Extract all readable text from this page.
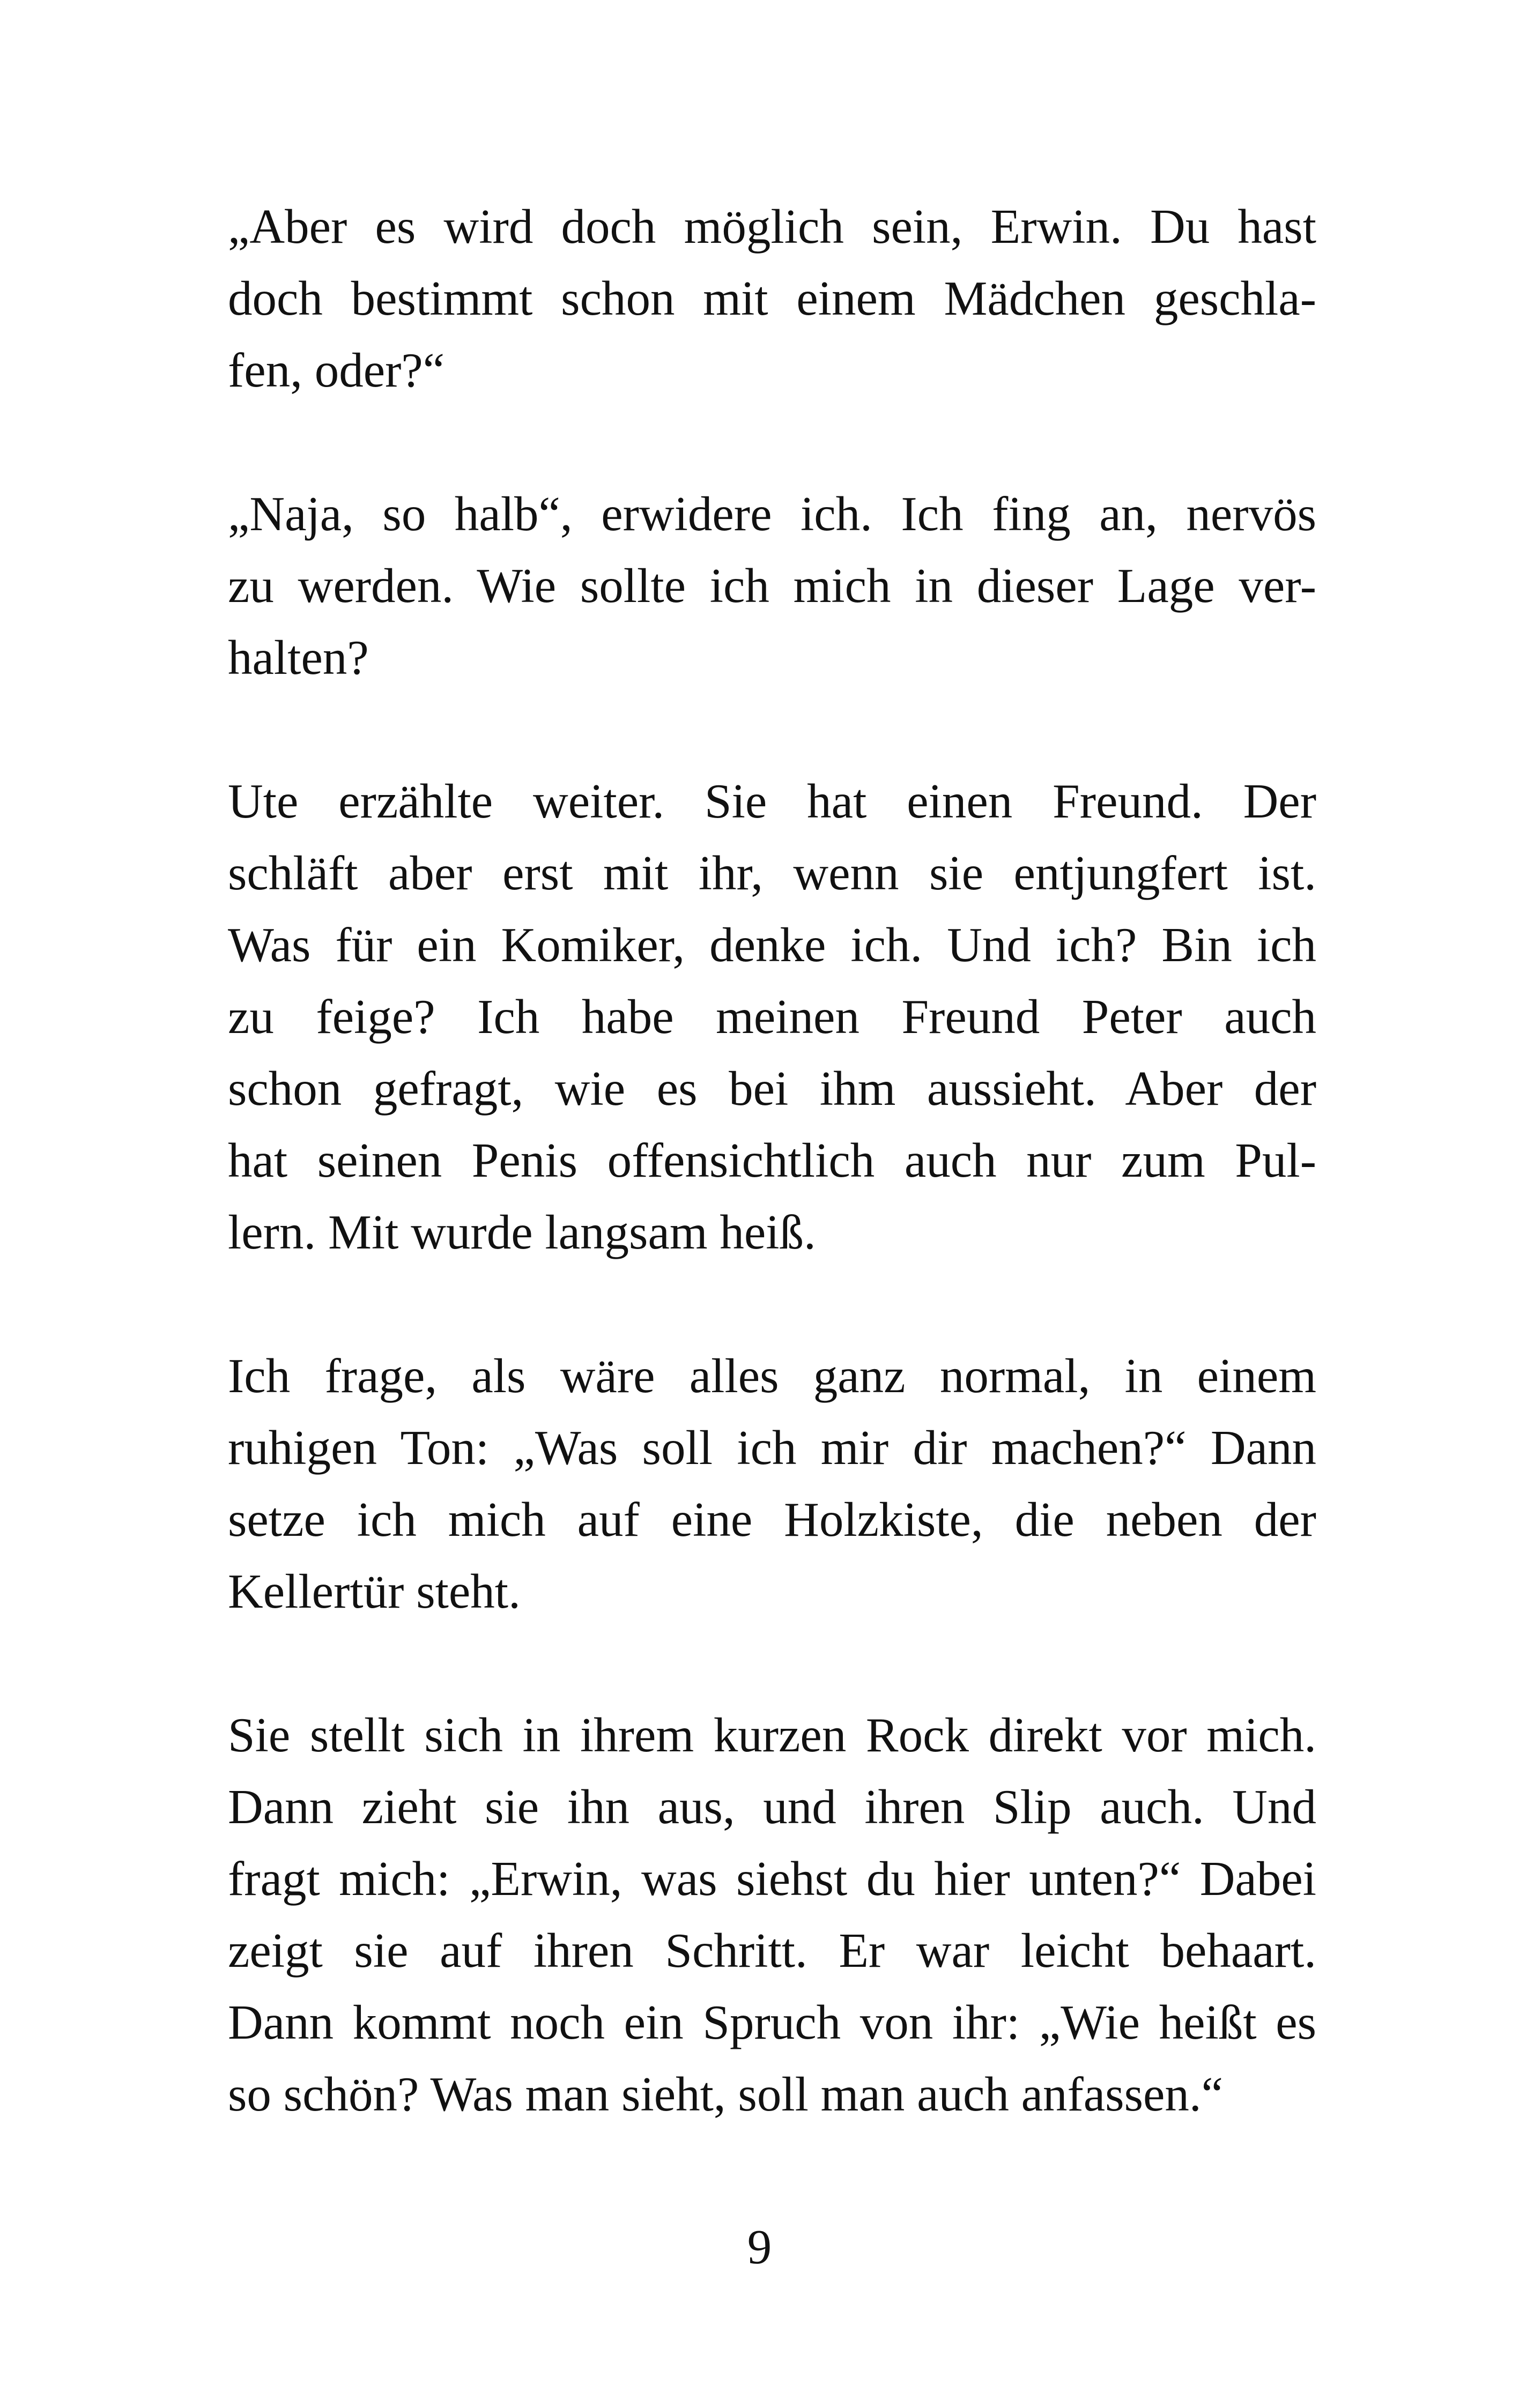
„Aber es wird doch möglich sein, Erwin. Du hast
doch bestimmt schon mit einem Mädchen geschla-
fen, oder?“

„Naja, so halb“, erwidere ich. Ich fing an, nervös
zu werden. Wie sollte ich mich in dieser Lage ver-
halten?

Ute erzählte weiter. Sie hat einen Freund. Der
schläft aber erst mit ihr, wenn sie entjungfert ist.
Was für ein Komiker, denke ich. Und ich? Bin ich
zu feige? Ich habe meinen Freund Peter auch
schon gefragt, wie es bei ihm aussieht. Aber der
hat seinen Penis offensichtlich auch nur zum Pul-
lern. Mit wurde langsam heiß.

Ich frage, als wäre alles ganz normal, in einem
ruhigen Ton: „Was soll ich mir dir machen?“ Dann
setze ich mich auf eine Holzkiste, die neben der
Kellertür steht.

Sie stellt sich in ihrem kurzen Rock direkt vor mich.
Dann zieht sie ihn aus, und ihren Slip auch. Und
fragt mich: „Erwin, was siehst du hier unten?“ Dabei
zeigt sie auf ihren Schritt. Er war leicht behaart.
Dann kommt noch ein Spruch von ihr: „Wie heißt es
so schön? Was man sieht, soll man auch anfassen.“

9
